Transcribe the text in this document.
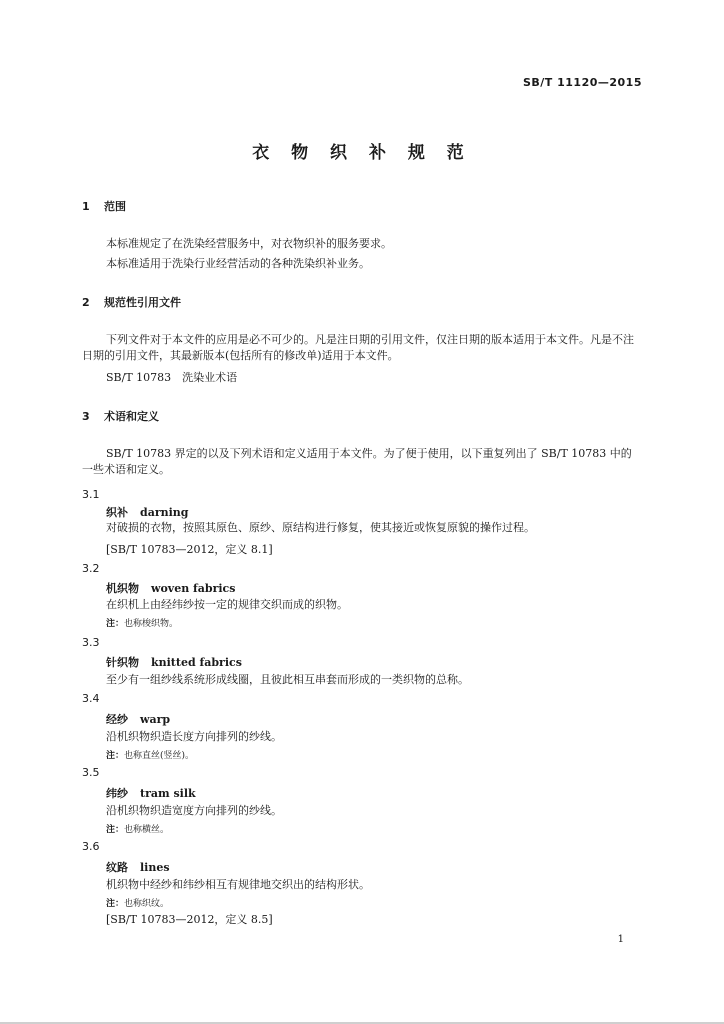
SB/T 11120—2015
衣 物 织 补 规 范
1 范围
本标准规定了在洗染经营服务中，对衣物织补的服务要求。
本标准适用于洗染行业经营活动的各种洗染织补业务。
2 规范性引用文件
下列文件对于本文件的应用是必不可少的。凡是注日期的引用文件，仅注日期的版本适用于本文件。凡是不注日期的引用文件，其最新版本(包括所有的修改单)适用于本文件。
SB/T 10783　洗染业术语
3 术语和定义
SB/T 10783 界定的以及下列术语和定义适用于本文件。为了便于使用，以下重复列出了 SB/T 10783 中的一些术语和定义。
3.1
织补 darning
对破损的衣物，按照其原色、原纱、原结构进行修复，使其接近或恢复原貌的操作过程。
[SB/T 10783—2012，定义 8.1]
3.2
机织物 woven fabrics
在织机上由经纬纱按一定的规律交织而成的织物。
注：也称梭织物。
3.3
针织物 knitted fabrics
至少有一组纱线系统形成线圈，且彼此相互串套而形成的一类织物的总称。
3.4
经纱 warp
沿机织物织造长度方向排列的纱线。
注：也称直丝(竖丝)。
3.5
纬纱 tram silk
沿机织物织造宽度方向排列的纱线。
注：也称横丝。
3.6
纹路 lines
机织物中经纱和纬纱相互有规律地交织出的结构形状。
注：也称织纹。
[SB/T 10783—2012，定义 8.5]
1
